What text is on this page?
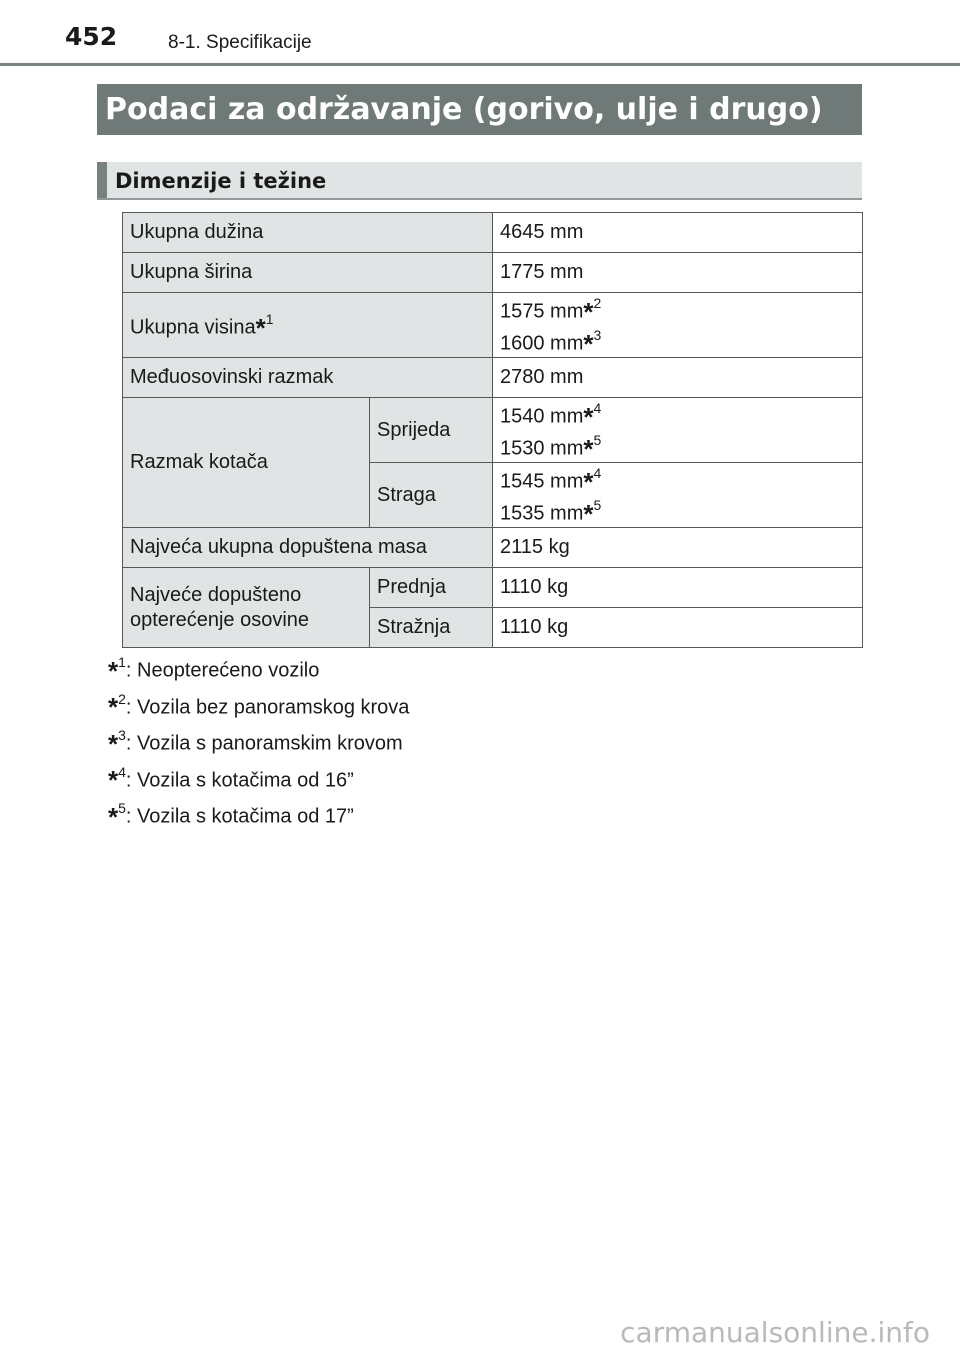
452	8-1. Specifikacije
Podaci za održavanje (gorivo, ulje i drugo)
Dimenzije i težine
Ukupna dužina		4645 mm
Ukupna širina		1775 mm
Ukupna visina*$^1$		1575 mm*$^2$
1600 mm*$^3$
Međuosovinski razmak		2780 mm
Razmak kotača	Sprijeda	1540 mm*$^4$
1530 mm*$^5$
	Straga	1545 mm*$^4$
1535 mm*$^5$
Najveća ukupna dopuštena masa		2115 kg
Najveće dopušteno
opterećenje osovine	Prednja	1110 kg
	Stražnja	1110 kg
*$^1$: Neopterećeno vozilo
*$^2$: Vozila bez panoramskog krova
*$^3$: Vozila s panoramskim krovom
*$^4$: Vozila s kotačima od 16”
*$^5$: Vozila s kotačima od 17”
carmanualsonline.info
